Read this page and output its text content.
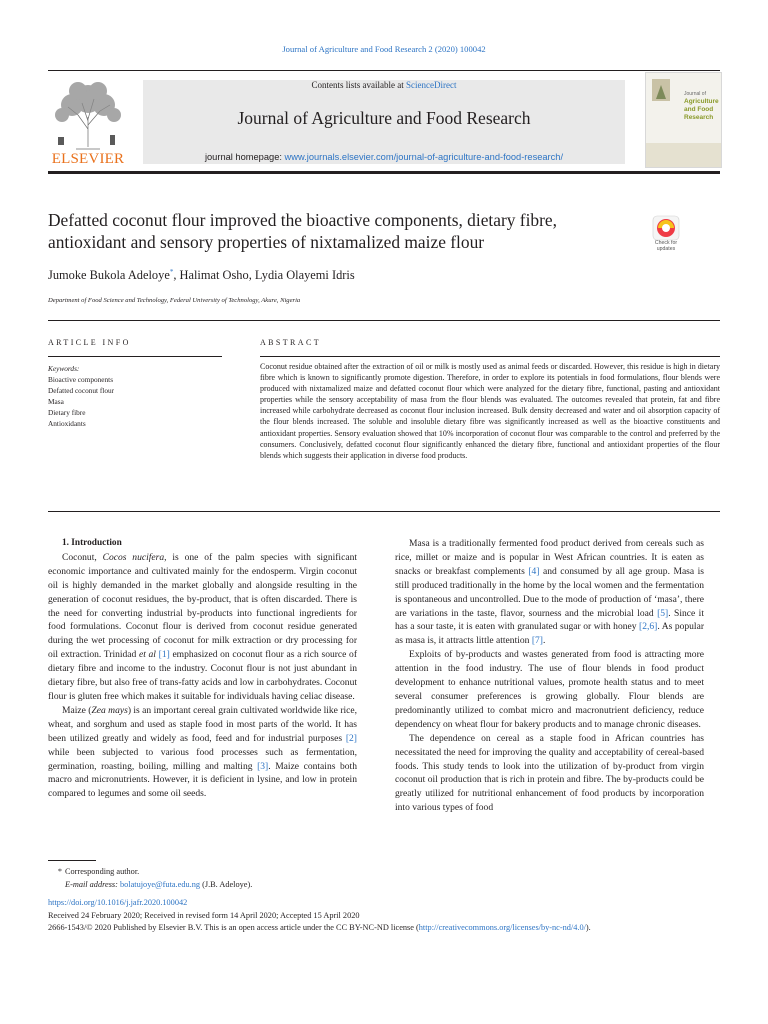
Journal of Agriculture and Food Research 2 (2020) 100042
ELSEVIER
Contents lists available at ScienceDirect
Journal of Agriculture and Food Research
journal homepage: www.journals.elsevier.com/journal-of-agriculture-and-food-research/
Journal of
Agriculture
and Food
Research
Defatted coconut flour improved the bioactive components, dietary fibre, antioxidant and sensory properties of nixtamalized maize flour	Check for
updates
Jumoke Bukola Adeloye*, Halimat Osho, Lydia Olayemi Idris
Department of Food Science and Technology, Federal University of Technology, Akure, Nigeria
ARTICLE INFO	ABSTRACT
Keywords:
Bioactive components
Defatted coconut flour
Masa
Dietary fibre
Antioxidants
Coconut residue obtained after the extraction of oil or milk is mostly used as animal feeds or discarded. However, this residue is high in dietary fibre which is known to significantly promote digestion. Therefore, in order to explore its potentials in food formulations, flour blends were produced with nixtamalized maize and defatted coconut flour which were analyzed for the dietary fibre, functional, pasting and antioxidant properties while the sensory acceptability of masa from the flour blends was evaluated. The outcomes revealed that protein, fat and fibre increased while carbohydrate decreased as coconut flour inclusion increased. Bulk density decreased and water and oil absorption capacity of the flour blends increased. The soluble and insoluble dietary fibre was significantly increased as well as the bioactive constituents and antioxidant properties. Sensory evaluation showed that 10% incorporation of coconut flour was comparable to the control and preferred by the consumers. Conclusively, defatted coconut flour significantly enhanced the dietary fibre, functional and antioxidant properties of the flour blends which suggests their application in diverse food products.

1. Introduction

Coconut, Cocos nucifera, is one of the palm species with significant economic importance and cultivated mainly for the endosperm. Virgin coconut oil is highly demanded in the market globally and alongside resulting in the generation of coconut residues, the by-product, that is often discarded. There is the need for converting industrial by-products into functional ingredients for food formulations. Coconut flour is derived from coconut residue generated during the wet processing of coconut for milk extraction or dry processing for oil extraction. Trinidad et al [1] emphasized on coconut flour as a rich source of dietary fibre and income to the industry. Coconut flour is not just abundant in dietary fibre, but also free of trans-fatty acids and low in carbohydrates. Coconut flour is gluten free which makes it suitable for individuals having celiac disease.

Maize (Zea mays) is an important cereal grain cultivated worldwide like rice, wheat, and sorghum and used as staple food in most parts of the world. It has been utilized greatly and widely as food, feed and for industrial purposes [2] while been subjected to various food processes such as fermentation, germination, roasting, boiling, milling and malting [3]. Maize contains both macro and micronutrients. However, it is deficient in lysine, and low in protein compared to legumes and some oil seeds.

Masa is a traditionally fermented food product derived from cereals such as rice, millet or maize and is popular in West African countries. It is eaten as snacks or breakfast complements [4] and consumed by all age group. Masa is still produced traditionally in the home by the local women and the fermentation is spontaneous and uncontrolled. Due to the mode of production of ‘masa’, there are variations in the taste, flavor, sourness and the microbial load [5]. Since it has a sour taste, it is eaten with granulated sugar or with honey [2,6]. As popular as masa is, it attracts little attention [7].

Exploits of by-products and wastes generated from food is attracting more attention in the food industry. The use of flour blends in food product development to enhance nutritional values, promote health status and to meet several consumer preferences is growing globally. Flour blends are predominantly utilized to combat micro and macronutrient deficiency, reduce dependency on wheat flour for bakery products and to manage chronic diseases.

The dependence on cereal as a staple food in African countries has necessitated the need for improving the quality and acceptability of cereal-based foods. This study tends to look into the utilization of by-product from virgin coconut oil production that is rich in protein and fibre. The by-products could be greatly utilized for nutritional enhancement of food products by incorporation into various types of food

* Corresponding author.
E-mail address: bolatujoye@futa.edu.ng (J.B. Adeloye).
https://doi.org/10.1016/j.jafr.2020.100042
Received 24 February 2020; Received in revised form 14 April 2020; Accepted 15 April 2020
2666-1543/© 2020 Published by Elsevier B.V. This is an open access article under the CC BY-NC-ND license (http://creativecommons.org/licenses/by-nc-nd/4.0/).
